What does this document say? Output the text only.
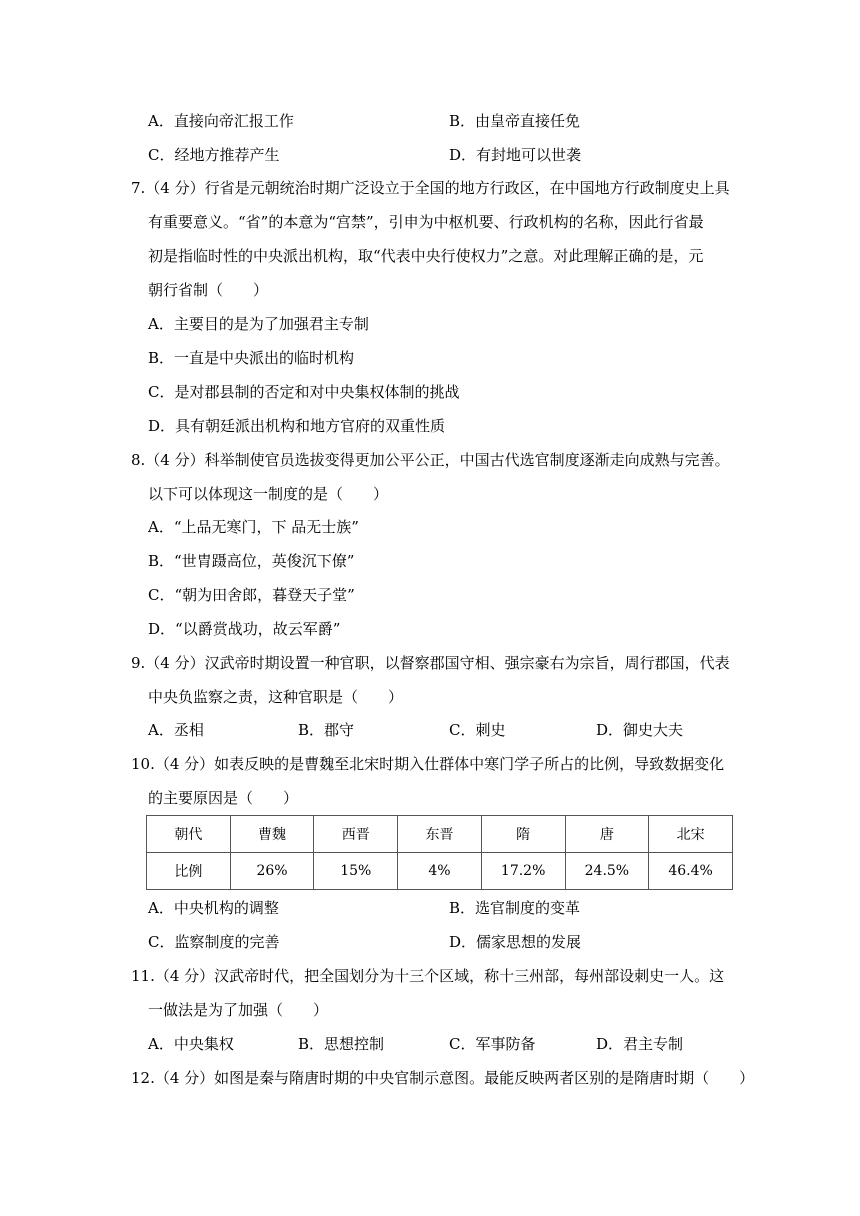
A．直接向帝汇报工作	B．由皇帝直接任免
C．经地方推荐产生	D．有封地可以世袭
7.（4 分）行省是元朝统治时期广泛设立于全国的地方行政区，在中国地方行政制度史上具
有重要意义。“省”的本意为“宫禁”，引申为中枢机要、行政机构的名称，因此行省最
初是指临时性的中央派出机构，取“代表中央行使权力”之意。对此理解正确的是，元
朝行省制（　　）
A．主要目的是为了加强君主专制
B．一直是中央派出的临时机构
C．是对郡县制的否定和对中央集权体制的挑战
D．具有朝廷派出机构和地方官府的双重性质
8.（4 分）科举制使官员选拔变得更加公平公正，中国古代选官制度逐渐走向成熟与完善。
以下可以体现这一制度的是（　　）
A．“上品无寒门，下 品无士族”
B．“世胄蹑高位，英俊沉下僚”
C．“朝为田舍郎，暮登天子堂”
D．“以爵赏战功，故云军爵”
9.（4 分）汉武帝时期设置一种官职，以督察郡国守相、强宗豪右为宗旨，周行郡国，代表
中央负监察之责，这种官职是（　　）
A．丞相	B．郡守	C．刺史	D．御史大夫
10.（4 分）如表反映的是曹魏至北宋时期入仕群体中寒门学子所占的比例，导致数据变化
的主要原因是（　　）
朝代	曹魏	西晋	东晋	隋	唐	北宋
比例	26%	15%	4%	17.2%	24.5%	46.4%
A．中央机构的调整	B．选官制度的变革
C．监察制度的完善	D．儒家思想的发展
11.（4 分）汉武帝时代，把全国划分为十三个区域，称十三州部，每州部设刺史一人。这
一做法是为了加强（　　）
A．中央集权	B．思想控制	C．军事防备	D．君主专制
12.（4 分）如图是秦与隋唐时期的中央官制示意图。最能反映两者区别的是隋唐时期（　　）
